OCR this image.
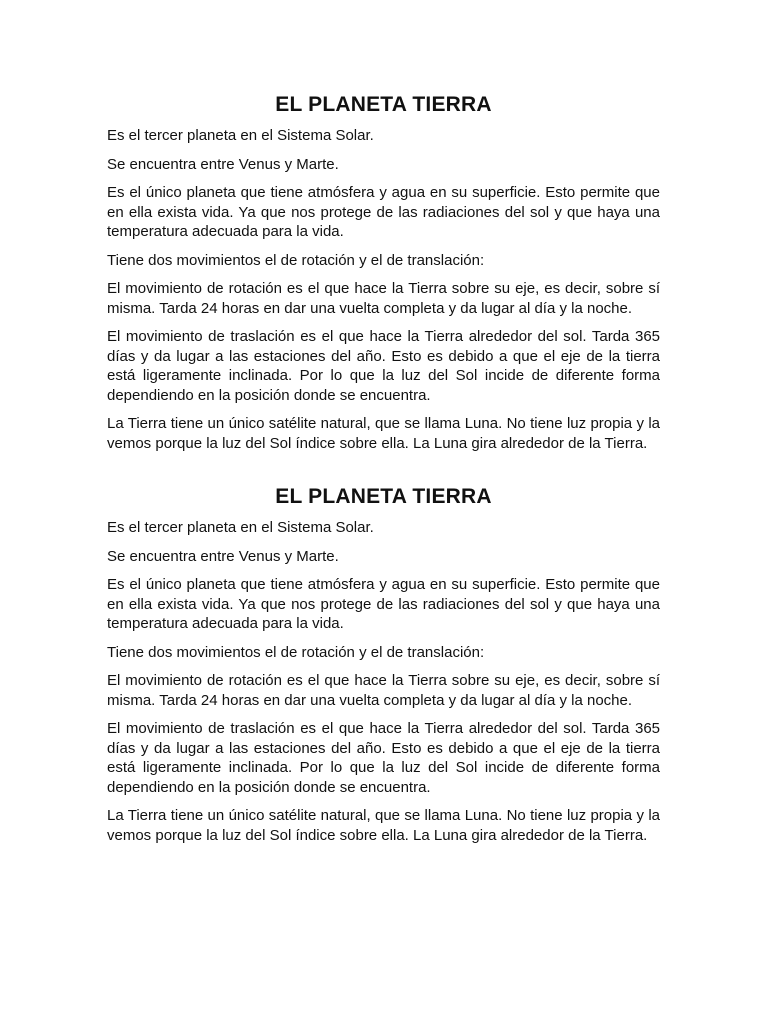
EL PLANETA TIERRA

Es el tercer planeta en el Sistema Solar.

Se encuentra entre Venus y Marte.

Es el único planeta que tiene atmósfera y agua en su superficie. Esto permite que en ella exista vida. Ya que nos protege de las radiaciones del sol y que haya una temperatura adecuada para la vida.

Tiene dos movimientos el de rotación y el de translación:

El movimiento de rotación es el que hace la Tierra sobre su eje, es decir, sobre sí misma. Tarda 24 horas en dar una vuelta completa y da lugar al día y la noche.

El movimiento de traslación es el que hace la Tierra alrededor del sol. Tarda 365 días y da lugar a las estaciones del año. Esto es debido a que el eje de la tierra está ligeramente inclinada. Por lo que la luz del Sol incide de diferente forma dependiendo en la posición donde se encuentra.

La Tierra tiene un único satélite natural, que se llama Luna. No tiene luz propia y la vemos porque la luz del Sol índice sobre ella. La Luna gira alrededor de la Tierra.

EL PLANETA TIERRA

Es el tercer planeta en el Sistema Solar.

Se encuentra entre Venus y Marte.

Es el único planeta que tiene atmósfera y agua en su superficie. Esto permite que en ella exista vida. Ya que nos protege de las radiaciones del sol y que haya una temperatura adecuada para la vida.

Tiene dos movimientos el de rotación y el de translación:

El movimiento de rotación es el que hace la Tierra sobre su eje, es decir, sobre sí misma. Tarda 24 horas en dar una vuelta completa y da lugar al día y la noche.

El movimiento de traslación es el que hace la Tierra alrededor del sol. Tarda 365 días y da lugar a las estaciones del año. Esto es debido a que el eje de la tierra está ligeramente inclinada. Por lo que la luz del Sol incide de diferente forma dependiendo en la posición donde se encuentra.

La Tierra tiene un único satélite natural, que se llama Luna. No tiene luz propia y la vemos porque la luz del Sol índice sobre ella. La Luna gira alrededor de la Tierra.
